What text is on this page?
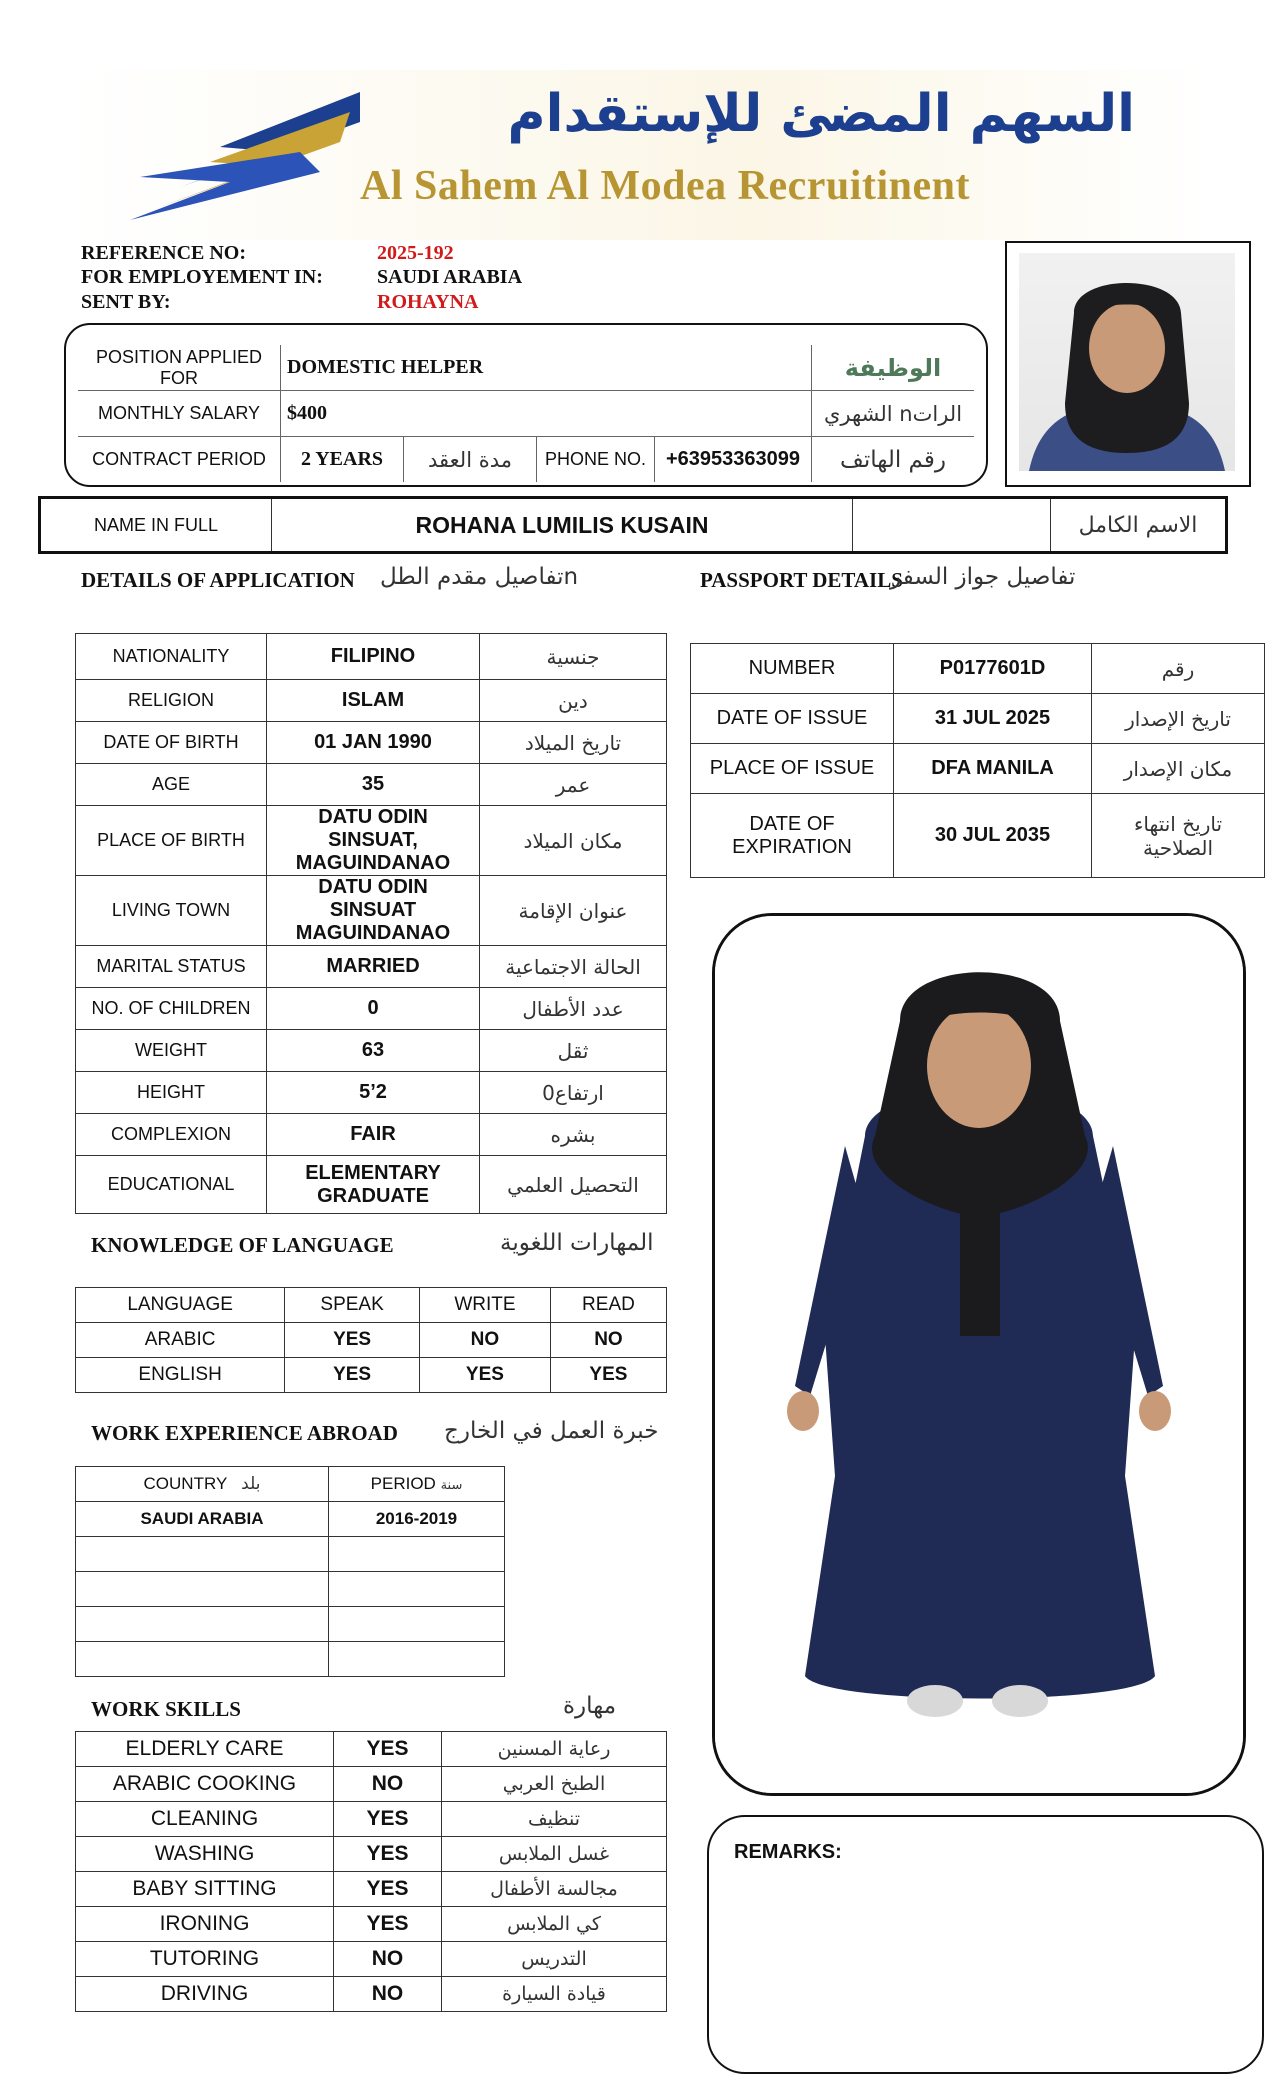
السهم المضئ للإستقدام
Al Sahem Al Modea Recruitinent
REFERENCE NO:	2025-192
FOR EMPLOYEMENT IN:	SAUDI ARABIA
SENT BY:	ROHAYNA
POSITION APPLIED FOR	DOMESTIC HELPER				الوظيفة
MONTHLY SALARY	$400				الراتn الشهري
CONTRACT PERIOD	2 YEARS	مدة العقد	PHONE NO.	+63953363099	رقم الهاتف
NAME IN FULL	ROHANA LUMILIS KUSAIN		الاسم الكامل
DETAILS OF APPLICATION تفاصيل مقدم الطلn	PASSPORT DETAILS
تفاصيل جواز السفر
NATIONALITY	FILIPINO	جنسية
RELIGION	ISLAM	دين
DATE OF BIRTH	01 JAN 1990	تاريخ الميلاد
AGE	35	عمر
PLACE OF BIRTH	DATU ODIN SINSUAT, MAGUINDANAO	مكان الميلاد
LIVING TOWN	DATU ODIN SINSUAT MAGUINDANAO	عنوان الإقامة
MARITAL STATUS	MARRIED	الحالة الاجتماعية
NO. OF CHILDREN	0	عدد الأطفال
WEIGHT	63	ثقل
HEIGHT	5’2	ارتفاع0
COMPLEXION	FAIR	بشره
EDUCATIONAL	ELEMENTARY GRADUATE	التحصيل العلمي
NUMBER	P0177601D	رقم
DATE OF ISSUE	31 JUL 2025	تاريخ الإصدار
PLACE OF ISSUE	DFA MANILA	مكان الإصدار
DATE OF EXPIRATION	30 JUL 2035	تاريخ انتهاء الصلاحية
KNOWLEDGE OF LANGUAGE	المهارات اللغوية
LANGUAGE	SPEAK	WRITE	READ
ARABIC	YES	NO	NO
ENGLISH	YES	YES	YES
WORK EXPERIENCE ABROAD خبرة العمل في الخارج
COUNTRY بلد	PERIOD سنة
SAUDI ARABIA	2016-2019

WORK SKILLS	مهارة
ELDERLY CARE	YES	رعاية المسنين
ARABIC COOKING	NO	الطبخ العربي
CLEANING	YES	تنظيف
WASHING	YES	غسل الملابس
BABY SITTING	YES	مجالسة الأطفال
IRONING	YES	كي الملابس
TUTORING	NO	التدريس
DRIVING	NO	قيادة السيارة
REMARKS:
